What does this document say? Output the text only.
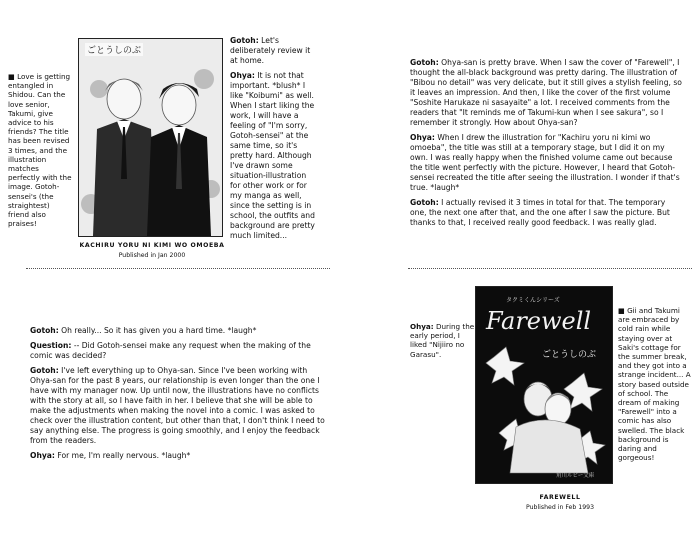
■ Love is getting entangled in Shidou. Can the love senior, Takumi, give advice to his friends? The title has been revised 3 times, and the illustration matches perfectly with the image. Gotoh-sensei's (the straightest) friend also praises!
ごとうしのぶ

Gotoh: Let's deliberately review it at home.

Ohya: It is not that important. *blush* I like "Koibumi" as well. When I start liking the work, I will have a feeling of "I'm sorry, Gotoh-sensei" at the same time, so it's pretty hard. Although I've drawn some situation-illustration for other work or for my manga as well, since the setting is in school, the outfits and background are pretty much limited...

KACHIRU YORU NI KIMI WO OMOEBA
Published in Jan 2000

Gotoh: Ohya-san is pretty brave. When I saw the cover of "Farewell", I thought the all-black background was pretty daring. The illustration of "Bibou no detail" was very delicate, but it still gives a stylish feeling, so it leaves an impression. And then, I like the cover of the first volume "Soshite Harukaze ni sasayaite" a lot. I received comments from the readers that "It reminds me of Takumi-kun when I see sakura", so I remember it strongly. How about Ohya-san?

Ohya: When I drew the illustration for "Kachiru yoru ni kimi wo omoeba", the title was still at a temporary stage, but I did it on my own. I was really happy when the finished volume came out because the title went perfectly with the picture. However, I heard that Gotoh-sensei recreated the title after seeing the illustration. I wonder if that's true. *laugh*

Gotoh: I actually revised it 3 times in total for that. The temporary one, the next one after that, and the one after I saw the picture. But thanks to that, I received really good feedback. I was really glad.

Gotoh: Oh really... So it has given you a hard time. *laugh*

Question: -- Did Gotoh-sensei make any request when the making of the comic was decided?

Gotoh: I've left everything up to Ohya-san. Since I've been working with Ohya-san for the past 8 years, our relationship is even longer than the one I have with my manager now. Up until now, the illustrations have no conflicts with the story at all, so I have faith in her. I believe that she will be able to make the adjustments when making the novel into a comic. I was asked to check over the illustration content, but other than that, I don't think I need to say anything else. The progress is going smoothly, and I enjoy the feedback from the readers.

Ohya: For me, I'm really nervous. *laugh*

Ohya: During the early period, I liked "Nijiiro no Garasu".
タクミくんシリーズ
Farewell
ごとうしのぶ
角川ルビー文庫
■ Gii and Takumi are embraced by cold rain while staying over at Saki's cottage for the summer break, and they got into a strange incident... A story based outside of school. The dream of making "Farewell" into a comic has also swelled. The black background is daring and gorgeous!
FAREWELL
Published in Feb 1993
